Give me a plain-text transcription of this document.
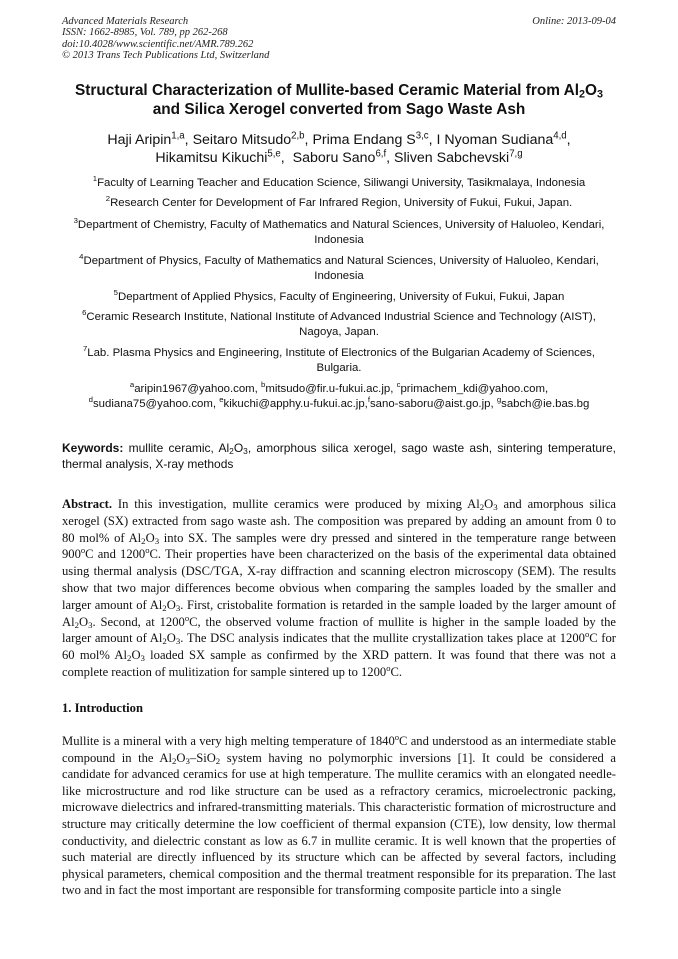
Advanced Materials Research
ISSN: 1662-8985, Vol. 789, pp 262-268
doi:10.4028/www.scientific.net/AMR.789.262
© 2013 Trans Tech Publications Ltd, Switzerland
Online: 2013-09-04
Structural Characterization of Mullite-based Ceramic Material from $Al_2O_3$
and Silica Xerogel converted from Sago Waste Ash
Haji Aripin$^{1,a}$, Seitaro Mitsudo$^{2,b}$, Prima Endang S$^{3,c}$, I Nyoman Sudiana$^{4,d}$,
Hikamitsu Kikuchi$^{5,e}$,  Saboru Sano$^{6,f}$, Sliven Sabchevski$^{7,g}$
$^1$Faculty of Learning Teacher and Education Science, Siliwangi University, Tasikmalaya, Indonesia
$^2$Research Center for Development of Far Infrared Region, University of Fukui, Fukui, Japan.
$^3$Department of Chemistry, Faculty of Mathematics and Natural Sciences, University of Haluoleo, Kendari, Indonesia
$^4$Department of Physics, Faculty of Mathematics and Natural Sciences, University of Haluoleo, Kendari, Indonesia
$^5$Department of Applied Physics, Faculty of Engineering, University of Fukui, Fukui, Japan
$^6$Ceramic Research Institute, National Institute of Advanced Industrial Science and Technology (AIST), Nagoya, Japan.
$^7$Lab. Plasma Physics and Engineering, Institute of Electronics of the Bulgarian Academy of Sciences, Bulgaria.
$^a$aripin1967@yahoo.com, $^b$mitsudo@fir.u-fukui.ac.jp, $^c$primachem_kdi@yahoo.com,
$^d$sudiana75@yahoo.com, $^e$kikuchi@apphy.u-fukui.ac.jp,$^f$sano-saboru@aist.go.jp, $^g$sabch@ie.bas.bg
Keywords: mullite ceramic, $Al_2O_3$, amorphous silica xerogel, sago waste ash, sintering temperature, thermal analysis, X-ray methods
Abstract. In this investigation, mullite ceramics were produced by mixing $Al_2O_3$ and amorphous silica xerogel (SX) extracted from sago waste ash. The composition was prepared by adding an amount from 0 to 80 mol% of $Al_2O_3$ into SX. The samples were dry pressed and sintered in the temperature range between 900$^o$C and 1200$^o$C. Their properties have been characterized on the basis of the experimental data obtained using thermal analysis (DSC/TGA, X-ray diffraction and scanning electron microscopy (SEM). The results show that two major differences become obvious when comparing the samples loaded by the smaller and larger amount of $Al_2O_3$. First, cristobalite formation is retarded in the sample loaded by the larger amount of $Al_2O_3$. Second, at 1200$^o$C, the observed volume fraction of mullite is higher in the sample loaded by the larger amount of $Al_2O_3$. The DSC analysis indicates that the mullite crystallization takes place at 1200$^o$C for 60 mol% $Al_2O_3$ loaded SX sample as confirmed by the XRD pattern. It was found that there was not a complete reaction of mulitization for sample sintered up to 1200$^o$C.
1. Introduction
Mullite is a mineral with a very high melting temperature of 1840$^o$C and understood as an intermediate stable compound in the $Al_2O_3-SiO_2$ system having no polymorphic inversions [1]. It could be considered a candidate for advanced ceramics for use at high temperature. The mullite ceramics with an elongated needle-like microstructure and rod like structure can be used as a refractory ceramics, microelectronic packing, microwave dielectrics and infrared-transmitting materials. This characteristic formation of microstructure and structure may critically determine the low coefficient of thermal expansion (CTE), low density, low thermal conductivity, and dielectric constant as low as 6.7 in mullite ceramic. It is well known that the properties of such material are directly influenced by its structure which can be affected by several factors, including physical parameters, chemical composition and the thermal treatment responsible for its preparation. The last two and in fact the most important are responsible for transforming composite particle into a single
